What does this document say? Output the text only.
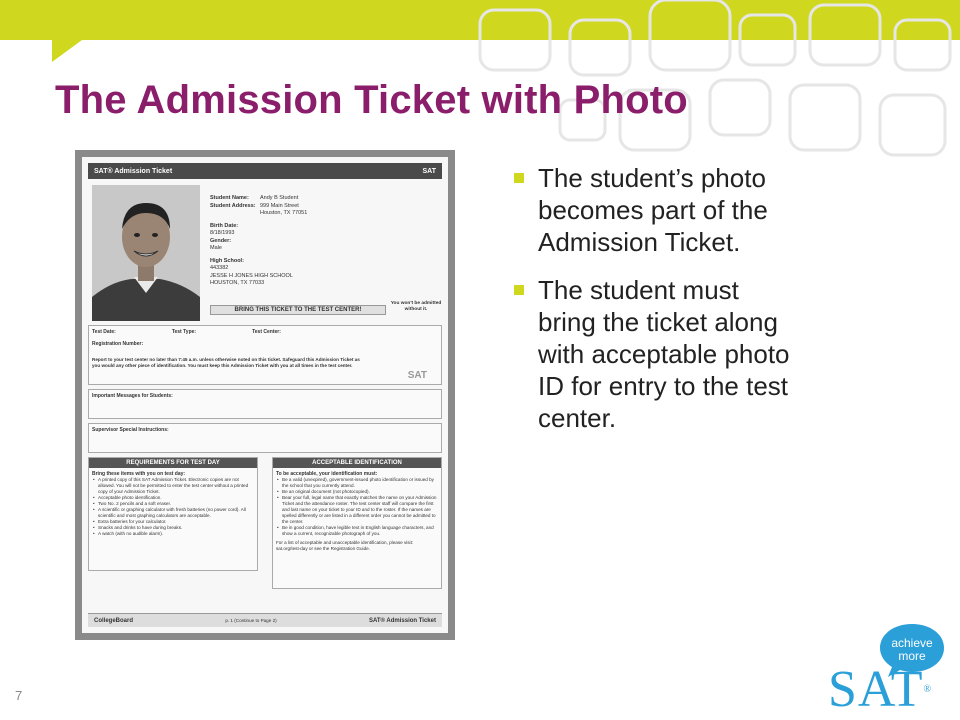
The Admission Ticket with Photo
SAT® Admission Ticket	SAT
Student Name:	Andy B Student
Student Address: 999 Main Street
Houston, TX 77051
Birth Date:
8/18/1993
Gender:
Male
High School:
443382
JESSE H JONES HIGH SCHOOL
HOUSTON, TX 77033
BRING THIS TICKET TO THE TEST CENTER!
You won't be admitted without it.
Test Date:	Test Type:	Test Center:
Registration Number:
Report to your test center no later than 7:45 a.m. unless otherwise noted on this ticket. Safeguard this Admission Ticket as you would any other piece of identification. You must keep this Admission Ticket with you at all times in the test center.
SAT
Important Messages for Students:
Supervisor Special Instructions:
REQUIREMENTS FOR TEST DAY
Bring these items with you on test day:
• A printed copy of this SAT Admission Ticket. Electronic copies are not allowed. You will not be permitted to enter the test center without a printed copy of your Admission Ticket.
• Acceptable photo identification.
• Two No. 2 pencils and a soft eraser.
• A scientific or graphing calculator with fresh batteries (no power cord). All scientific and most graphing calculators are acceptable.
• Extra batteries for your calculator.
• Snacks and drinks to have during breaks.
• A watch (with no audible alarm).
ACCEPTABLE IDENTIFICATION
To be acceptable, your identification must:
• Be a valid (unexpired), government-issued photo identification or issued by the school that you currently attend.
• Be an original document (not photocopied).
• Bear your full, legal name that exactly matches the name on your Admission Ticket and the attendance roster. The test center staff will compare the first and last name on your ticket to your ID and to the roster. If the names are spelled differently or are listed in a different order you cannot be admitted to the center.
• Be in good condition, have legible text in English language characters, and show a current, recognizable photograph of you.
For a list of acceptable and unacceptable identification, please visit: sat.org/test-day or see the Registration Guide.
CollegeBoard	p. 1 (Continue to Page 2)	SAT® Admission Ticket
The student’s photo becomes part of the Admission Ticket.
The student must bring the ticket along with acceptable photo ID for entry to the test center.
7
achieve
more
SAT®
